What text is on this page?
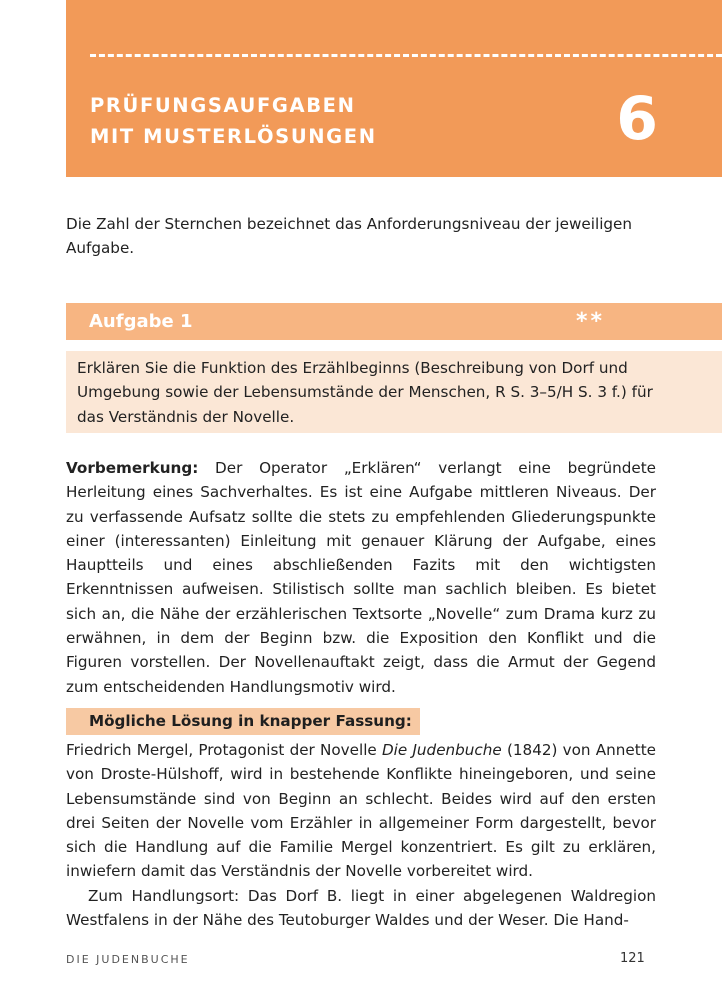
PRÜFUNGSAUFGABEN
MIT MUSTERLÖSUNGEN	6
Die Zahl der Sternchen bezeichnet das Anforderungsniveau der jeweiligen Aufgabe.
Aufgabe 1	**
Erklären Sie die Funktion des Erzählbeginns (Beschreibung von Dorf und Umgebung sowie der Lebensumstände der Menschen, R S. 3–5/H S. 3 f.) für das Verständnis der Novelle.
Vorbemerkung: Der Operator „Erklären“ verlangt eine begründete Herleitung eines Sachverhaltes. Es ist eine Aufgabe mittleren Niveaus. Der zu verfassende Aufsatz sollte die stets zu empfehlenden Gliederungspunkte einer (interessanten) Einleitung mit genauer Klärung der Aufgabe, eines Hauptteils und eines abschließenden Fazits mit den wichtigsten Erkenntnissen aufweisen. Stilistisch sollte man sachlich bleiben. Es bietet sich an, die Nähe der erzählerischen Textsorte „Novelle“ zum Drama kurz zu erwähnen, in dem der Beginn bzw. die Exposition den Konflikt und die Figuren vorstellen. Der Novellenauftakt zeigt, dass die Armut der Gegend zum entscheidenden Handlungsmotiv wird.
Mögliche Lösung in knapper Fassung:
Friedrich Mergel, Protagonist der Novelle Die Judenbuche (1842) von Annette von Droste-Hülshoff, wird in bestehende Konflikte hineingeboren, und seine Lebensumstände sind von Beginn an schlecht. Beides wird auf den ersten drei Seiten der Novelle vom Erzähler in allgemeiner Form dargestellt, bevor sich die Handlung auf die Familie Mergel konzentriert. Es gilt zu erklären, inwiefern damit das Verständnis der Novelle vorbereitet wird.
Zum Handlungsort: Das Dorf B. liegt in einer abgelegenen Waldregion Westfalens in der Nähe des Teutoburger Waldes und der Weser. Die Hand-
DIE JUDENBUCHE	121
